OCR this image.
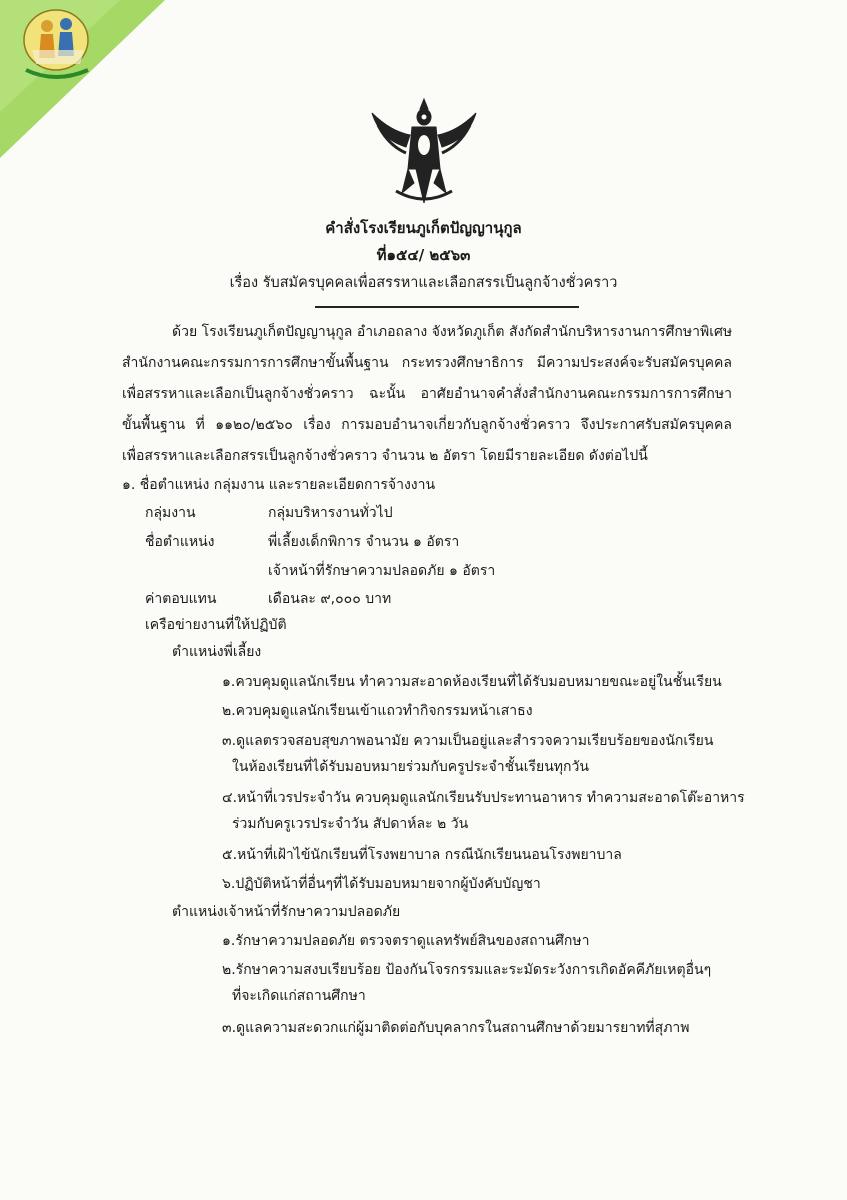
คำสั่งโรงเรียนภูเก็ตปัญญานุกูล
ที่๑๕๔/ ๒๕๖๓
เรื่อง รับสมัครบุคคลเพื่อสรรหาและเลือกสรรเป็นลูกจ้างชั่วคราว
ด้วย โรงเรียนภูเก็ตปัญญานุกูล อำเภอถลาง จังหวัดภูเก็ต สังกัดสำนักบริหารงานการศึกษาพิเศษ
สำนักงานคณะกรรมการการศึกษาขั้นพื้นฐาน กระทรวงศึกษาธิการ มีความประสงค์จะรับสมัครบุคคล
เพื่อสรรหาและเลือกเป็นลูกจ้างชั่วคราว ฉะนั้น อาศัยอำนาจคำสั่งสำนักงานคณะกรรมการการศึกษา
ขั้นพื้นฐาน ที่ ๑๑๒๐/๒๕๖๐ เรื่อง การมอบอำนาจเกี่ยวกับลูกจ้างชั่วคราว จึงประกาศรับสมัครบุคคล
เพื่อสรรหาและเลือกสรรเป็นลูกจ้างชั่วคราว จำนวน ๒ อัตรา โดยมีรายละเอียด ดังต่อไปนี้
๑. ชื่อตำแหน่ง กลุ่มงาน และรายละเอียดการจ้างงาน
กลุ่มงาน	กลุ่มบริหารงานทั่วไป
ชื่อตำแหน่ง	พี่เลี้ยงเด็กพิการ จำนวน ๑ อัตรา
เจ้าหน้าที่รักษาความปลอดภัย ๑ อัตรา
ค่าตอบแทน	เดือนละ ๙,๐๐๐ บาท
เครือข่ายงานที่ให้ปฏิบัติ
ตำแหน่งพี่เลี้ยง
๑.ควบคุมดูแลนักเรียน ทำความสะอาดห้องเรียนที่ได้รับมอบหมายขณะอยู่ในชั้นเรียน
๒.ควบคุมดูแลนักเรียนเข้าแถวทำกิจกรรมหน้าเสาธง
๓.ดูแลตรวจสอบสุขภาพอนามัย ความเป็นอยู่และสำรวจความเรียบร้อยของนักเรียน
ในห้องเรียนที่ได้รับมอบหมายร่วมกับครูประจำชั้นเรียนทุกวัน
๔.หน้าที่เวรประจำวัน ควบคุมดูแลนักเรียนรับประทานอาหาร ทำความสะอาดโต๊ะอาหาร
ร่วมกับครูเวรประจำวัน สัปดาห์ละ ๒ วัน
๕.หน้าที่เฝ้าไข้นักเรียนที่โรงพยาบาล กรณีนักเรียนนอนโรงพยาบาล
๖.ปฏิบัติหน้าที่อื่นๆที่ได้รับมอบหมายจากผู้บังคับบัญชา
ตำแหน่งเจ้าหน้าที่รักษาความปลอดภัย
๑.รักษาความปลอดภัย ตรวจตราดูแลทรัพย์สินของสถานศึกษา
๒.รักษาความสงบเรียบร้อย ป้องกันโจรกรรมและระมัดระวังการเกิดอัคคีภัยเหตุอื่นๆ
ที่จะเกิดแก่สถานศึกษา
๓.ดูแลความสะดวกแก่ผู้มาติดต่อกับบุคลากรในสถานศึกษาด้วยมารยาทที่สุภาพ
